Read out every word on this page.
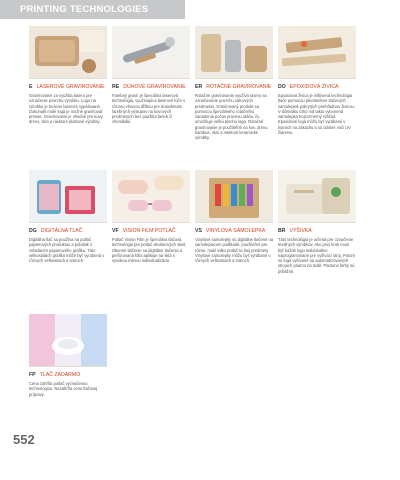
PRINTING TECHNOLOGIES
E LASEROVÉ GRAVÍROVANIE
Gravírovanie za využitia laseru pre označenie povrchu výrobku. Logo na výrobku je trvácne laserom vypálované. Dokonalé malé logá je možné gravírovať presne. Gravírovanie je vhodné pre kovy, drevo, sklo a niektoré plastové výrobky.
RE DÚHOVÉ GRAVÍROVANIE
Farebný gravír je špeciálna laserová technológia, využívajúca laserové lúče s rôznou vlnovou dĺžkou pre dosiahnutie farebných výstupov na kovových predmetoch bez použitia farieb či chemikálií.
ER ROTAČNÉ GRAVÍROVANIE
Rotačné gravírovanie využíva lasery na označovanie povrchu valcových predmetov. Gravírovaný produkt sa pomocou špeciálneho rotačného zariadenia počas procesu otáča, čo umožňuje veľkú plochu loga. Rotačné gravírovanie je použiteľné na kov, drevo, bambus, sklo a niektoré keramické výrobky.
DO EPOXIDOVÁ ŽIVICA
Epoxidová živica je inštivená technológia tlače pomocou plnofarebne tlačených samolepiek pokrytých priehľadnou živicou. V dôsledku toho má takto vytvorená samolepka trojrozmerný vzhľad. Epoxidové logá môžu byť vyrábané v tvaroch na zákazku a sú odolné voči UV žiareniu.
DG DIGITÁLNA TLAČ
Digitálna tlač sa používa na potlač papierových produktov a polotlak s vnladaním papierového grafiku. Táto velkoslatách grafika môže byť vyrobená v rôznych veľkostiach a tvaroch.
VF VISION FILM POTLAČ
Potlač Vision Film je špeciálna tlačová technológia pre potlač okuliarových skiel. Okenné tlačenie sa digitálne tlačenia a perforovaná fólia aplikuje na sklá s vysokou mierou individualizácie.
VS VINYLOVÁ SAMOLEPKA
Vinylové samolepky sú digitálne tlačené na samolepiacom podklade, použiteľné pre rôzne, malé lalko potlač ta lnej predmety. Vinylové samolepky môžu byť vyrábané v rôznych veľkostiach a tvaroch.
BR VÝŠIVKA
Táto technológia je určená pre označenie textilných výrobkov. Ako prvý krok musí byť každé logo individuálne naprogramované pre vyšívací stroj. Potom sú logá vyšívané na automatizovaných strojoch priamo na textil. Pantone farby sú približné.
FP TLAČ ZADARMO
Cena zahŕňa potlač vyznačenou technológiou. Nezahŕňa cenu tlačovej prípravy.
552
